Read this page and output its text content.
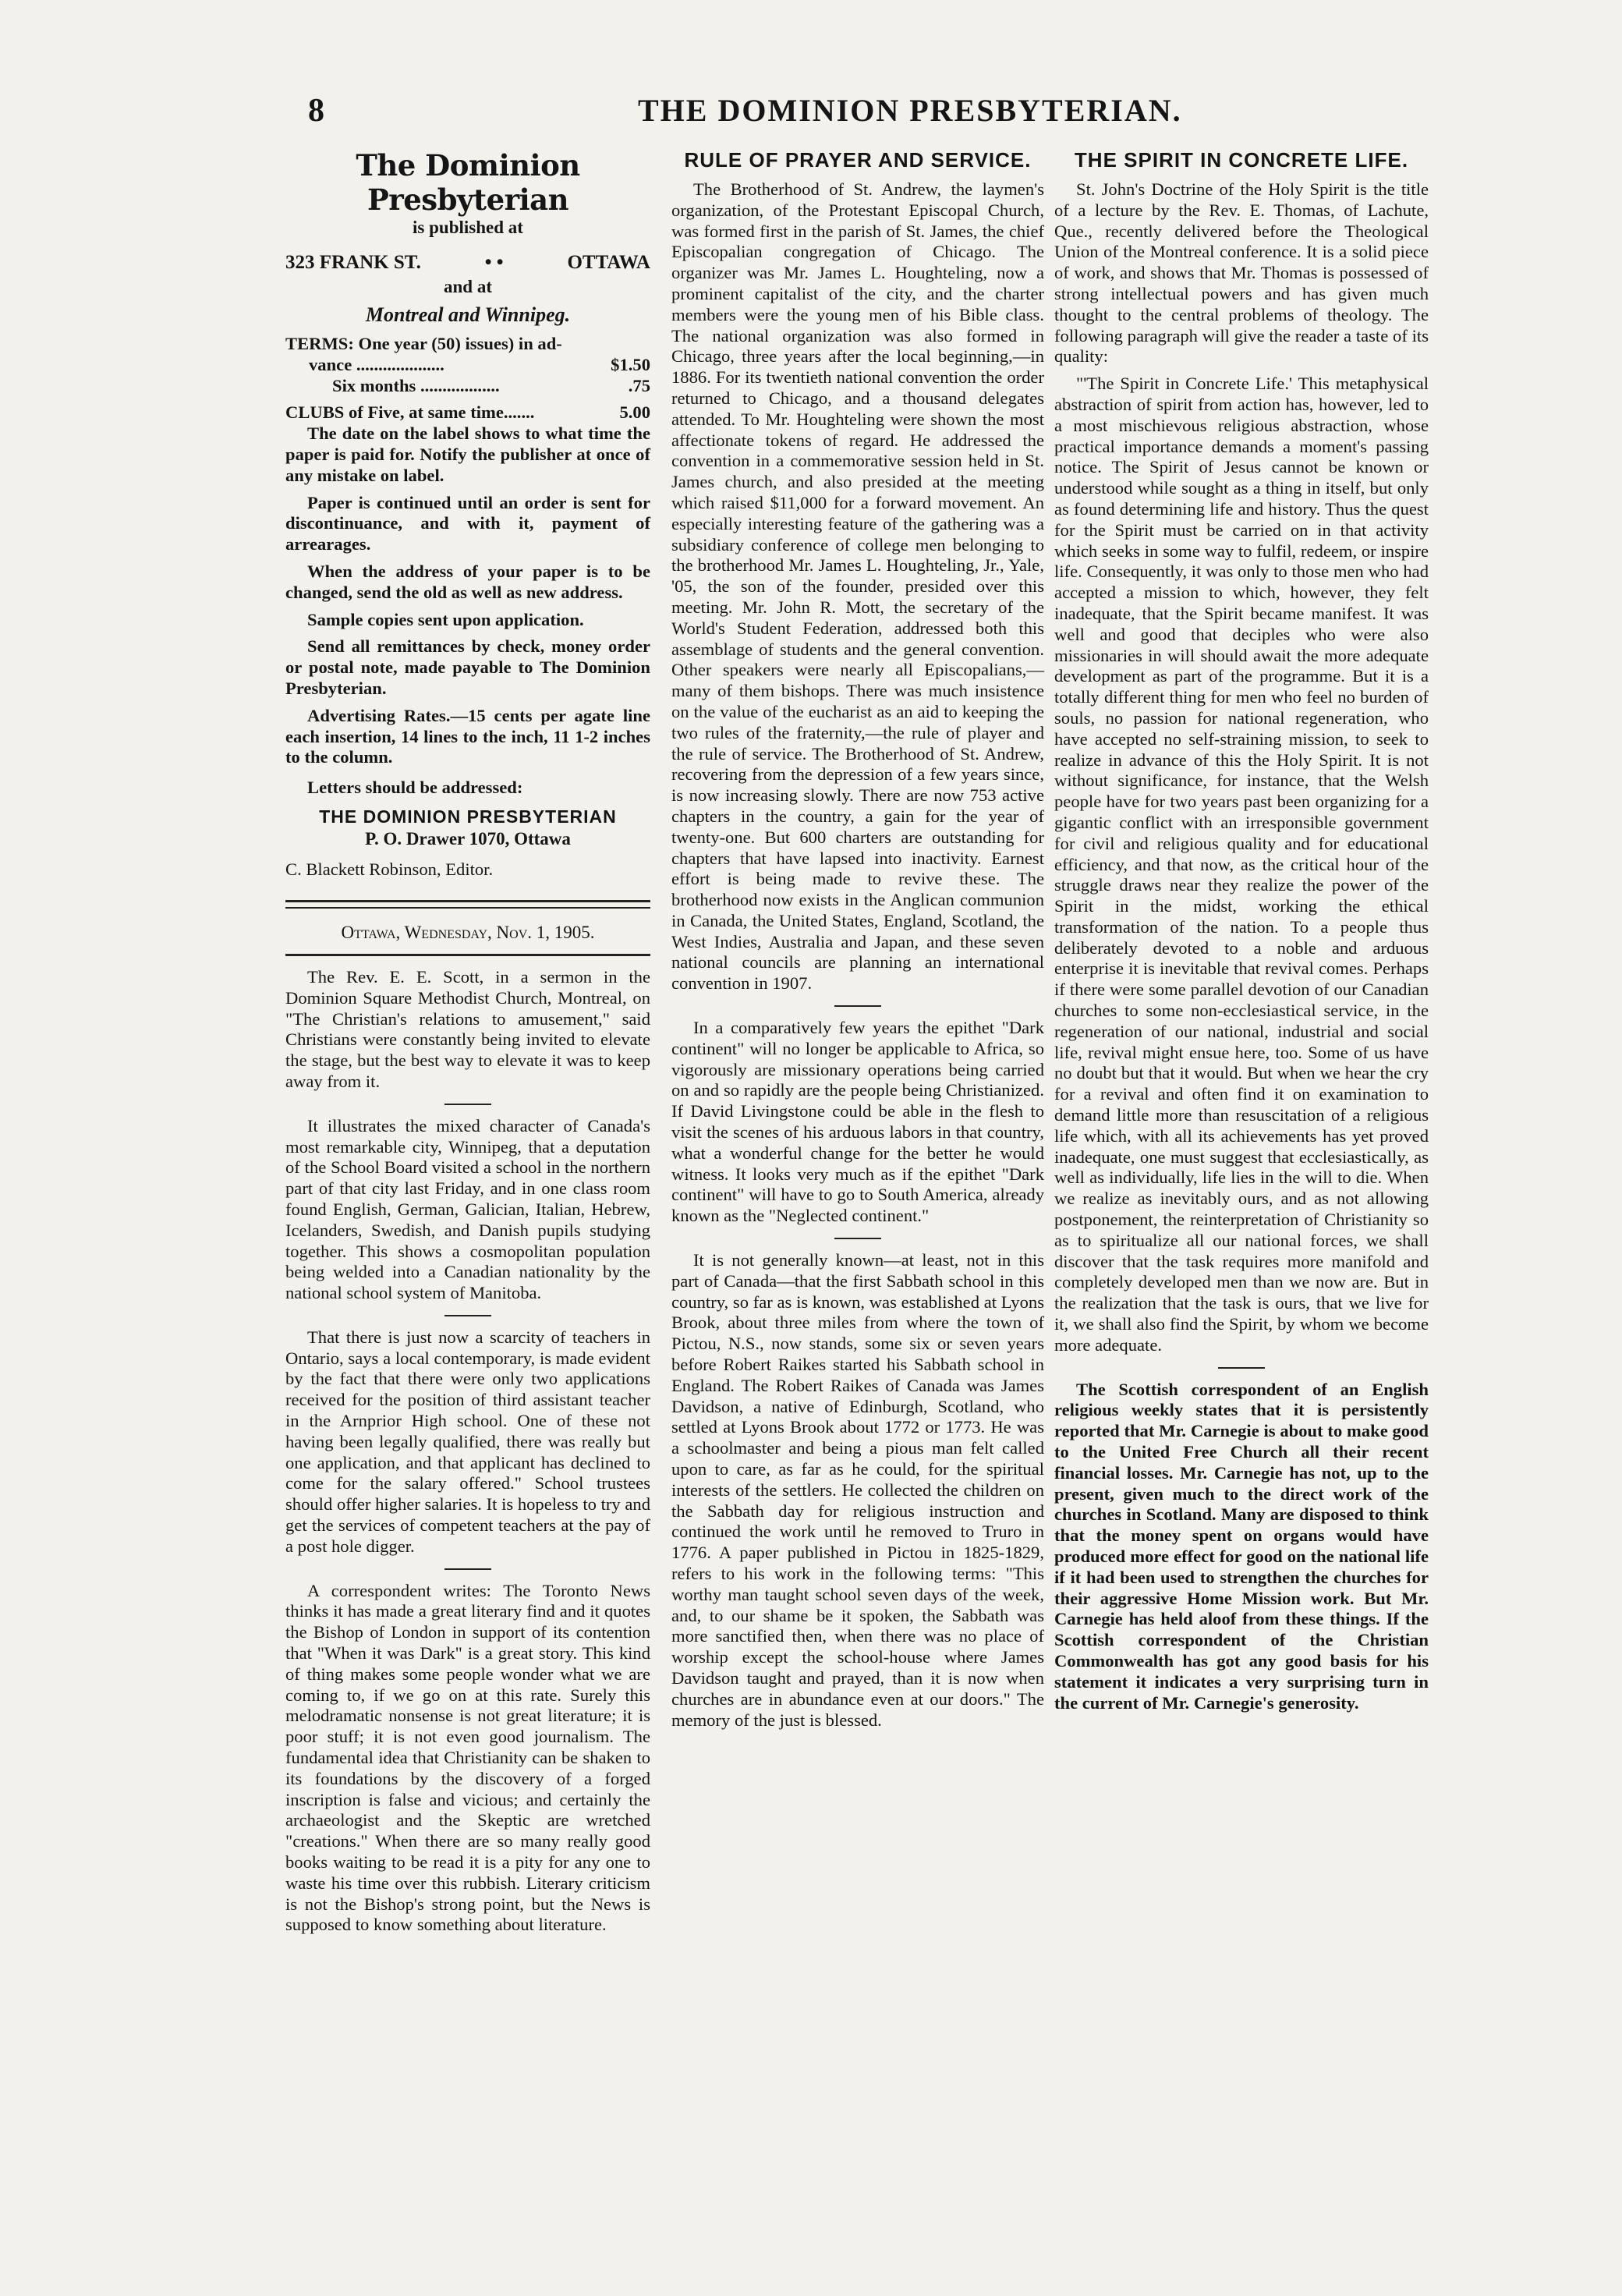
8	THE DOMINION PRESBYTERIAN.
The Dominion Presbyterian
is published at
323 FRANK ST.	• •	OTTAWA
and at
Montreal and Winnipeg.
TERMS: One year (50) issues) in ad-
vance ....................	$1.50
Six months ..................	.75
CLUBS of Five, at same time.......	5.00

The date on the label shows to what time the paper is paid for. Notify the publisher at once of any mistake on label.

Paper is continued until an order is sent for discontinuance, and with it, payment of arrearages.

When the address of your paper is to be changed, send the old as well as new address.

Sample copies sent upon application.

Send all remittances by check, money order or postal note, made payable to The Dominion Presbyterian.

Advertising Rates.—15 cents per agate line each insertion, 14 lines to the inch, 11 1-2 inches to the column.

Letters should be addressed:

THE DOMINION PRESBYTERIAN
P. O. Drawer 1070, Ottawa
C. Blackett Robinson, Editor.
Ottawa, Wednesday, Nov. 1, 1905.

The Rev. E. E. Scott, in a sermon in the Dominion Square Methodist Church, Montreal, on "The Christian's relations to amusement," said Christians were constantly being invited to elevate the stage, but the best way to elevate it was to keep away from it.

It illustrates the mixed character of Canada's most remarkable city, Winnipeg, that a deputation of the School Board visited a school in the northern part of that city last Friday, and in one class room found English, German, Galician, Italian, Hebrew, Icelanders, Swedish, and Danish pupils studying together. This shows a cosmopolitan population being welded into a Canadian nationality by the national school system of Manitoba.

That there is just now a scarcity of teachers in Ontario, says a local contemporary, is made evident by the fact that there were only two applications received for the position of third assistant teacher in the Arnprior High school. One of these not having been legally qualified, there was really but one application, and that applicant has declined to come for the salary offered." School trustees should offer higher salaries. It is hopeless to try and get the services of competent teachers at the pay of a post hole digger.

A correspondent writes: The Toronto News thinks it has made a great literary find and it quotes the Bishop of London in support of its contention that "When it was Dark" is a great story. This kind of thing makes some people wonder what we are coming to, if we go on at this rate. Surely this melodramatic nonsense is not great literature; it is poor stuff; it is not even good journalism. The fundamental idea that Christianity can be shaken to its foundations by the discovery of a forged inscription is false and vicious; and certainly the archaeologist and the Skeptic are wretched "creations." When there are so many really good books waiting to be read it is a pity for any one to waste his time over this rubbish. Literary criticism is not the Bishop's strong point, but the News is supposed to know something about literature.

RULE OF PRAYER AND SERVICE.

The Brotherhood of St. Andrew, the laymen's organization, of the Protestant Episcopal Church, was formed first in the parish of St. James, the chief Episcopalian congregation of Chicago. The organizer was Mr. James L. Houghteling, now a prominent capitalist of the city, and the charter members were the young men of his Bible class. The national organization was also formed in Chicago, three years after the local beginning,—in 1886. For its twentieth national convention the order returned to Chicago, and a thousand delegates attended. To Mr. Houghteling were shown the most affectionate tokens of regard. He addressed the convention in a commemorative session held in St. James church, and also presided at the meeting which raised $11,000 for a forward movement. An especially interesting feature of the gathering was a subsidiary conference of college men belonging to the brotherhood Mr. James L. Houghteling, Jr., Yale, '05, the son of the founder, presided over this meeting. Mr. John R. Mott, the secretary of the World's Student Federation, addressed both this assemblage of students and the general convention. Other speakers were nearly all Episcopalians,—many of them bishops. There was much insistence on the value of the eucharist as an aid to keeping the two rules of the fraternity,—the rule of player and the rule of service. The Brotherhood of St. Andrew, recovering from the depression of a few years since, is now increasing slowly. There are now 753 active chapters in the country, a gain for the year of twenty-one. But 600 charters are outstanding for chapters that have lapsed into inactivity. Earnest effort is being made to revive these. The brotherhood now exists in the Anglican communion in Canada, the United States, England, Scotland, the West Indies, Australia and Japan, and these seven national councils are planning an international convention in 1907.

In a comparatively few years the epithet "Dark continent" will no longer be applicable to Africa, so vigorously are missionary operations being carried on and so rapidly are the people being Christianized. If David Livingstone could be able in the flesh to visit the scenes of his arduous labors in that country, what a wonderful change for the better he would witness. It looks very much as if the epithet "Dark continent" will have to go to South America, already known as the "Neglected continent."

It is not generally known—at least, not in this part of Canada—that the first Sabbath school in this country, so far as is known, was established at Lyons Brook, about three miles from where the town of Pictou, N.S., now stands, some six or seven years before Robert Raikes started his Sabbath school in England. The Robert Raikes of Canada was James Davidson, a native of Edinburgh, Scotland, who settled at Lyons Brook about 1772 or 1773. He was a schoolmaster and being a pious man felt called upon to care, as far as he could, for the spiritual interests of the settlers. He collected the children on the Sabbath day for religious instruction and continued the work until he removed to Truro in 1776. A paper published in Pictou in 1825-1829, refers to his work in the following terms: "This worthy man taught school seven days of the week, and, to our shame be it spoken, the Sabbath was more sanctified then, when there was no place of worship except the school-house where James Davidson taught and prayed, than it is now when churches are in abundance even at our doors." The memory of the just is blessed.

THE SPIRIT IN CONCRETE LIFE.

St. John's Doctrine of the Holy Spirit is the title of a lecture by the Rev. E. Thomas, of Lachute, Que., recently delivered before the Theological Union of the Montreal conference. It is a solid piece of work, and shows that Mr. Thomas is possessed of strong intellectual powers and has given much thought to the central problems of theology. The following paragraph will give the reader a taste of its quality:

"'The Spirit in Concrete Life.' This metaphysical abstraction of spirit from action has, however, led to a most mischievous religious abstraction, whose practical importance demands a moment's passing notice. The Spirit of Jesus cannot be known or understood while sought as a thing in itself, but only as found determining life and history. Thus the quest for the Spirit must be carried on in that activity which seeks in some way to fulfil, redeem, or inspire life. Consequently, it was only to those men who had accepted a mission to which, however, they felt inadequate, that the Spirit became manifest. It was well and good that deciples who were also missionaries in will should await the more adequate development as part of the programme. But it is a totally different thing for men who feel no burden of souls, no passion for national regeneration, who have accepted no self-straining mission, to seek to realize in advance of this the Holy Spirit. It is not without significance, for instance, that the Welsh people have for two years past been organizing for a gigantic conflict with an irresponsible government for civil and religious quality and for educational efficiency, and that now, as the critical hour of the struggle draws near they realize the power of the Spirit in the midst, working the ethical transformation of the nation. To a people thus deliberately devoted to a noble and arduous enterprise it is inevitable that revival comes. Perhaps if there were some parallel devotion of our Canadian churches to some non-ecclesiastical service, in the regeneration of our national, industrial and social life, revival might ensue here, too. Some of us have no doubt but that it would. But when we hear the cry for a revival and often find it on examination to demand little more than resuscitation of a religious life which, with all its achievements has yet proved inadequate, one must suggest that ecclesiastically, as well as individually, life lies in the will to die. When we realize as inevitably ours, and as not allowing postponement, the reinterpretation of Christianity so as to spiritualize all our national forces, we shall discover that the task requires more manifold and completely developed men than we now are. But in the realization that the task is ours, that we live for it, we shall also find the Spirit, by whom we become more adequate.

The Scottish correspondent of an English religious weekly states that it is persistently reported that Mr. Carnegie is about to make good to the United Free Church all their recent financial losses. Mr. Carnegie has not, up to the present, given much to the direct work of the churches in Scotland. Many are disposed to think that the money spent on organs would have produced more effect for good on the national life if it had been used to strengthen the churches for their aggressive Home Mission work. But Mr. Carnegie has held aloof from these things. If the Scottish correspondent of the Christian Commonwealth has got any good basis for his statement it indicates a very surprising turn in the current of Mr. Carnegie's generosity.
